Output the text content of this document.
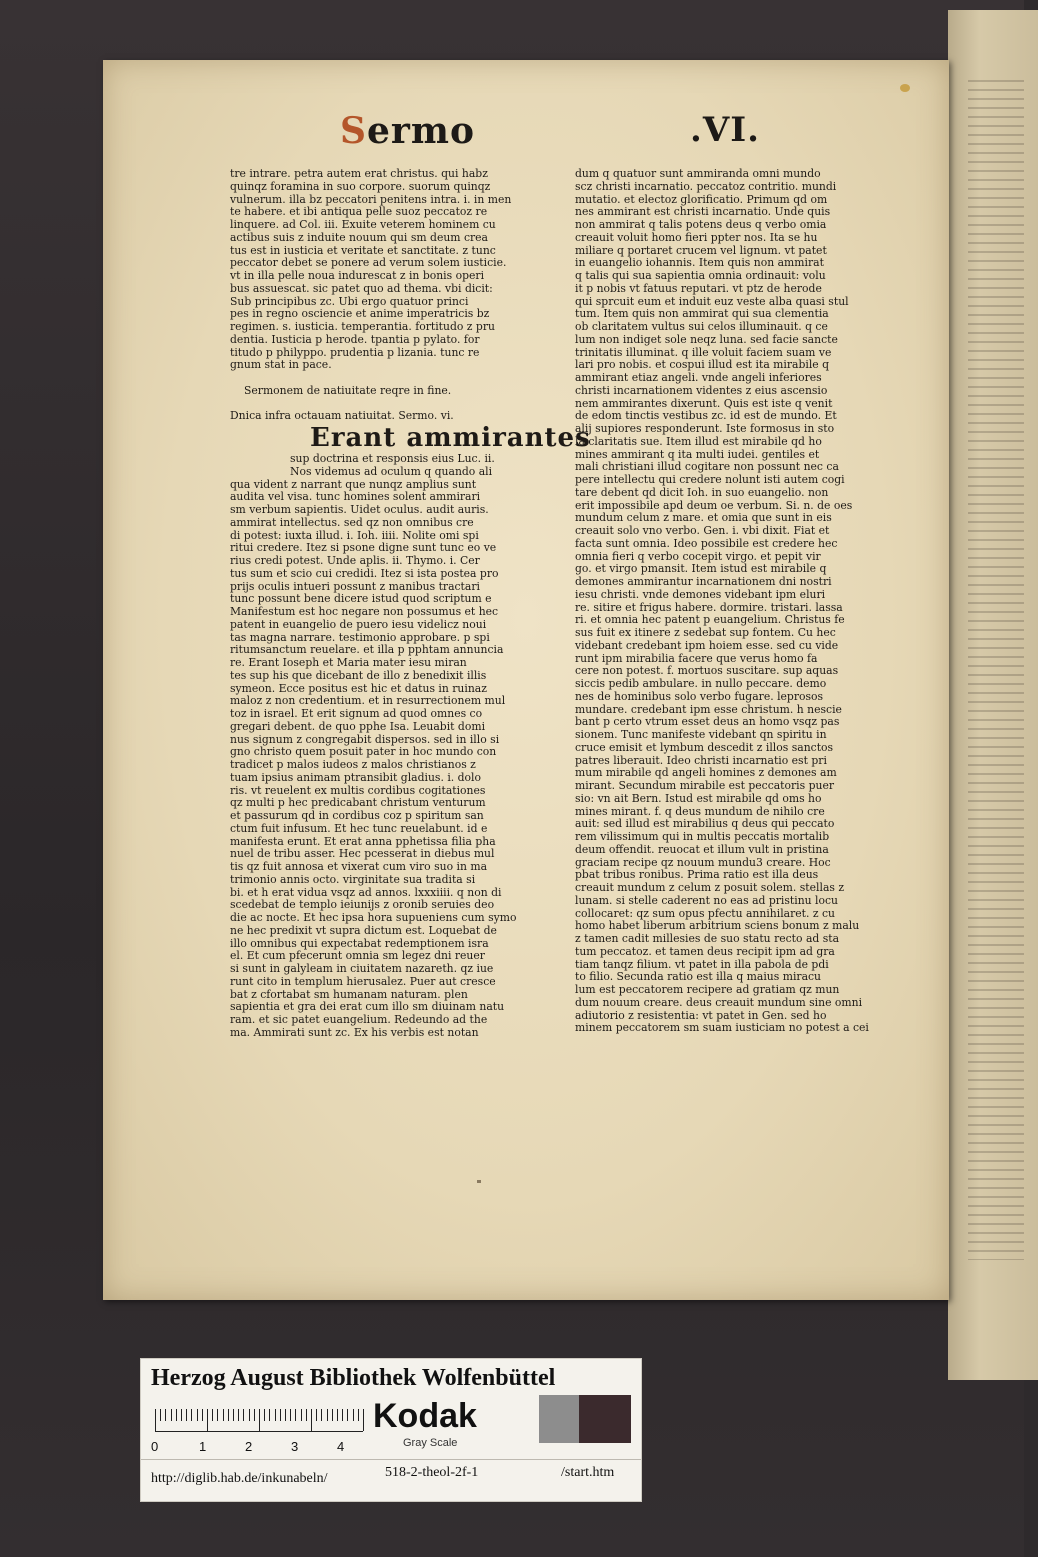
Sermo	.VI.
tre intrare. petra autem erat christus. qui habz
quinqz foramina in suo corpore. suorum quinqz
vulnerum. illa bz peccatori penitens intra. i. in men
te habere. et ibi antiqua pelle suoz peccatoz re
linquere. ad Col. iii. Exuite veterem hominem cu
actibus suis z induite nouum qui sm deum crea
tus est in iusticia et veritate et sanctitate. z tunc
peccator debet se ponere ad verum solem iusticie.
vt in illa pelle noua indurescat z in bonis operi
bus assuescat. sic patet quo ad thema. vbi dicit:
Sub principibus zc. Ubi ergo quatuor princi
pes in regno osciencie et anime imperatricis bz
regimen. s. iusticia. temperantia. fortitudo z pru
dentia. Iusticia p herode. tpantia p pylato. for
titudo p philyppo. prudentia p lizania. tunc re
gnum stat in pace.
Sermonem de natiuitate reqre in fine.
Dnica infra octauam natiuitat. Sermo. vi.
Erant ammirantes
sup doctrina et responsis eius Luc. ii.
Nos videmus ad oculum q quando ali
qua vident z narrant que nunqz amplius sunt
audita vel visa. tunc homines solent ammirari
sm verbum sapientis. Uidet oculus. audit auris.
ammirat intellectus. sed qz non omnibus cre
di potest: iuxta illud. i. Ioh. iiii. Nolite omi spi
ritui credere. Itez si psone digne sunt tunc eo ve
rius credi potest. Unde aplis. ii. Thymo. i. Cer
tus sum et scio cui credidi. Itez si ista postea pro
prijs oculis intueri possunt z manibus tractari
tunc possunt bene dicere istud quod scriptum e
Manifestum est hoc negare non possumus et hec
patent in euangelio de puero iesu videlicz noui
tas magna narrare. testimonio approbare. p spi
ritumsanctum reuelare. et illa p pphtam annuncia
re. Erant Ioseph et Maria mater iesu miran
tes sup his que dicebant de illo z benedixit illis
symeon. Ecce positus est hic et datus in ruinaz
maloz z non credentium. et in resurrectionem mul
toz in israel. Et erit signum ad quod omnes co
gregari debent. de quo pphe Isa. Leuabit domi
nus signum z congregabit dispersos. sed in illo si
gno christo quem posuit pater in hoc mundo con
tradicet p malos iudeos z malos christianos z
tuam ipsius animam ptransibit gladius. i. dolo
ris. vt reuelent ex multis cordibus cogitationes
qz multi p hec predicabant christum venturum
et passurum qd in cordibus coz p spiritum san
ctum fuit infusum. Et hec tunc reuelabunt. id e
manifesta erunt. Et erat anna pphetissa filia pha
nuel de tribu asser. Hec pcesserat in diebus mul
tis qz fuit annosa et vixerat cum viro suo in ma
trimonio annis octo. virginitate sua tradita si
bi. et h erat vidua vsqz ad annos. lxxxiiii. q non di
scedebat de templo ieiunijs z oronib seruies deo
die ac nocte. Et hec ipsa hora supueniens cum symo
ne hec predixit vt supra dictum est. Loquebat de
illo omnibus qui expectabat redemptionem isra
el. Et cum pfecerunt omnia sm legez dni reuer
si sunt in galyleam in ciuitatem nazareth. qz iue
runt cito in templum hierusalez. Puer aut cresce
bat z cfortabat sm humanam naturam. plen
sapientia et gra dei erat cum illo sm diuinam natu
ram. et sic patet euangelium. Redeundo ad the
ma. Ammirati sunt zc. Ex his verbis est notan
dum q quatuor sunt ammiranda omni mundo
scz christi incarnatio. peccatoz contritio. mundi
mutatio. et electoz glorificatio. Primum qd om
nes ammirant est christi incarnatio. Unde quis
non ammirat q talis potens deus q verbo omia
creauit voluit homo fieri ppter nos. Ita se hu
miliare q portaret crucem vel lignum. vt patet
in euangelio iohannis. Item quis non ammirat
q talis qui sua sapientia omnia ordinauit: volu
it p nobis vt fatuus reputari. vt ptz de herode
qui sprcuit eum et induit euz veste alba quasi stul
tum. Item quis non ammirat qui sua clementia
ob claritatem vultus sui celos illuminauit. q ce
lum non indiget sole neqz luna. sed facie sancte
trinitatis illuminat. q ille voluit faciem suam ve
lari pro nobis. et cospui illud est ita mirabile q
ammirant etiaz angeli. vnde angeli inferiores
christi incarnationem videntes z eius ascensio
nem ammirantes dixerunt. Quis est iste q venit
de edom tinctis vestibus zc. id est de mundo. Et
alij supiores responderunt. Iste formosus in sto
la claritatis sue. Item illud est mirabile qd ho
mines ammirant q ita multi iudei. gentiles et
mali christiani illud cogitare non possunt nec ca
pere intellectu qui credere nolunt isti autem cogi
tare debent qd dicit Ioh. in suo euangelio. non
erit impossibile apd deum oe verbum. Si. n. de oes
mundum celum z mare. et omia que sunt in eis
creauit solo vno verbo. Gen. i. vbi dixit. Fiat et
facta sunt omnia. Ideo possibile est credere hec
omnia fieri q verbo cocepit virgo. et pepit vir
go. et virgo pmansit. Item istud est mirabile q
demones ammirantur incarnationem dni nostri
iesu christi. vnde demones videbant ipm eluri
re. sitire et frigus habere. dormire. tristari. lassa
ri. et omnia hec patent p euangelium. Christus fe
sus fuit ex itinere z sedebat sup fontem. Cu hec
videbant credebant ipm hoiem esse. sed cu vide
runt ipm mirabilia facere que verus homo fa
cere non potest. f. mortuos suscitare. sup aquas
siccis pedib ambulare. in nullo peccare. demo
nes de hominibus solo verbo fugare. leprosos
mundare. credebant ipm esse christum. h nescie
bant p certo vtrum esset deus an homo vsqz pas
sionem. Tunc manifeste videbant qn spiritu in
cruce emisit et lymbum descedit z illos sanctos
patres liberauit. Ideo christi incarnatio est pri
mum mirabile qd angeli homines z demones am
mirant. Secundum mirabile est peccatoris puer
sio: vn ait Bern. Istud est mirabile qd oms ho
mines mirant. f. q deus mundum de nihilo cre
auit: sed illud est mirabilius q deus qui peccato
rem vilissimum qui in multis peccatis mortalib
deum offendit. reuocat et illum vult in pristina
graciam recipe qz nouum mundu3 creare. Hoc
pbat tribus ronibus. Prima ratio est illa deus
creauit mundum z celum z posuit solem. stellas z
lunam. si stelle caderent no eas ad pristinu locu
collocaret: qz sum opus pfectu annihilaret. z cu
homo habet liberum arbitrium sciens bonum z malu
z tamen cadit millesies de suo statu recto ad sta
tum peccatoz. et tamen deus recipit ipm ad gra
tiam tanqz filium. vt patet in illa pabola de pdi
to filio. Secunda ratio est illa q maius miracu
lum est peccatorem recipere ad gratiam qz mun
dum nouum creare. deus creauit mundum sine omni
adiutorio z resistentia: vt patet in Gen. sed ho
minem peccatorem sm suam iusticiam no potest a cei
Herzog August Bibliothek Wolfenbüttel
0	1	2	3	4
Kodak
Gray Scale
http://diglib.hab.de/inkunabeln/	518-2-theol-2f-1	/start.htm
